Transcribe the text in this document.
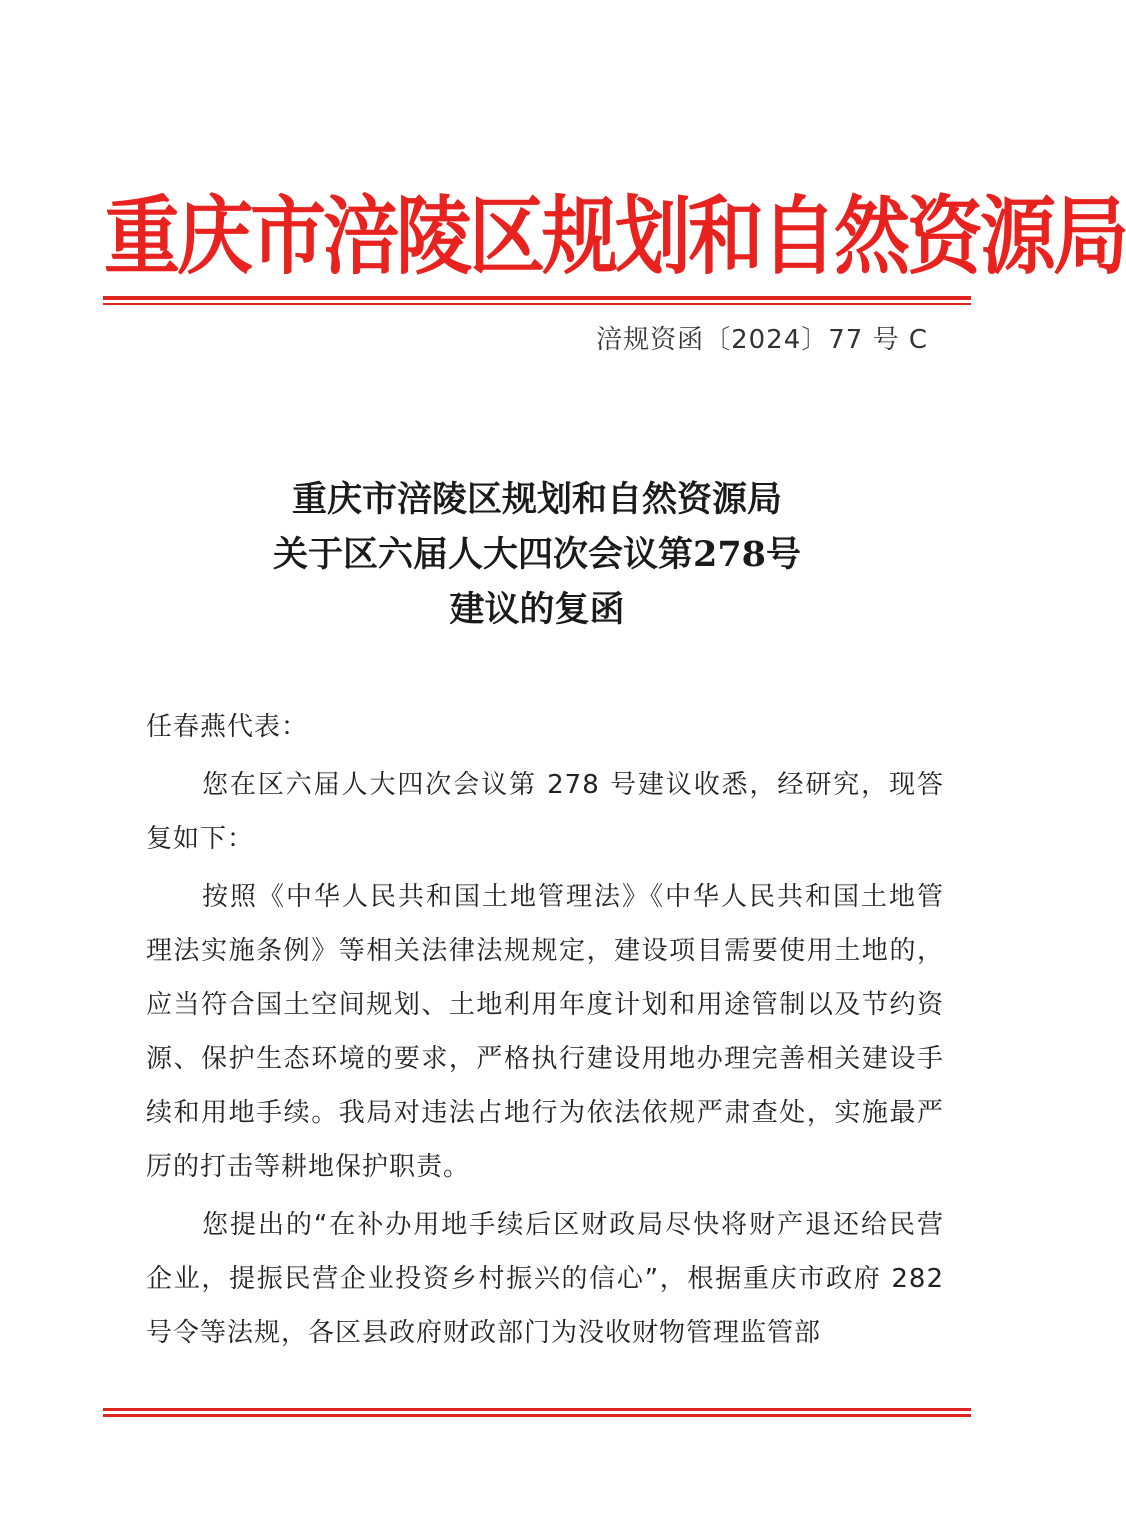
重庆市涪陵区规划和自然资源局
涪规资函〔2024〕77 号 C
重庆市涪陵区规划和自然资源局
关于区六届人大四次会议第278号
建议的复函

任春燕代表：

您在区六届人大四次会议第 278 号建议收悉，经研究，现答复如下：

按照《中华人民共和国土地管理法》《中华人民共和国土地管理法实施条例》等相关法律法规规定，建设项目需要使用土地的，应当符合国土空间规划、土地利用年度计划和用途管制以及节约资源、保护生态环境的要求，严格执行建设用地办理完善相关建设手续和用地手续。我局对违法占地行为依法依规严肃查处，实施最严厉的打击等耕地保护职责。

您提出的“在补办用地手续后区财政局尽快将财产退还给民营企业，提振民营企业投资乡村振兴的信心”，根据重庆市政府 282 号令等法规，各区县政府财政部门为没收财物管理监管部
